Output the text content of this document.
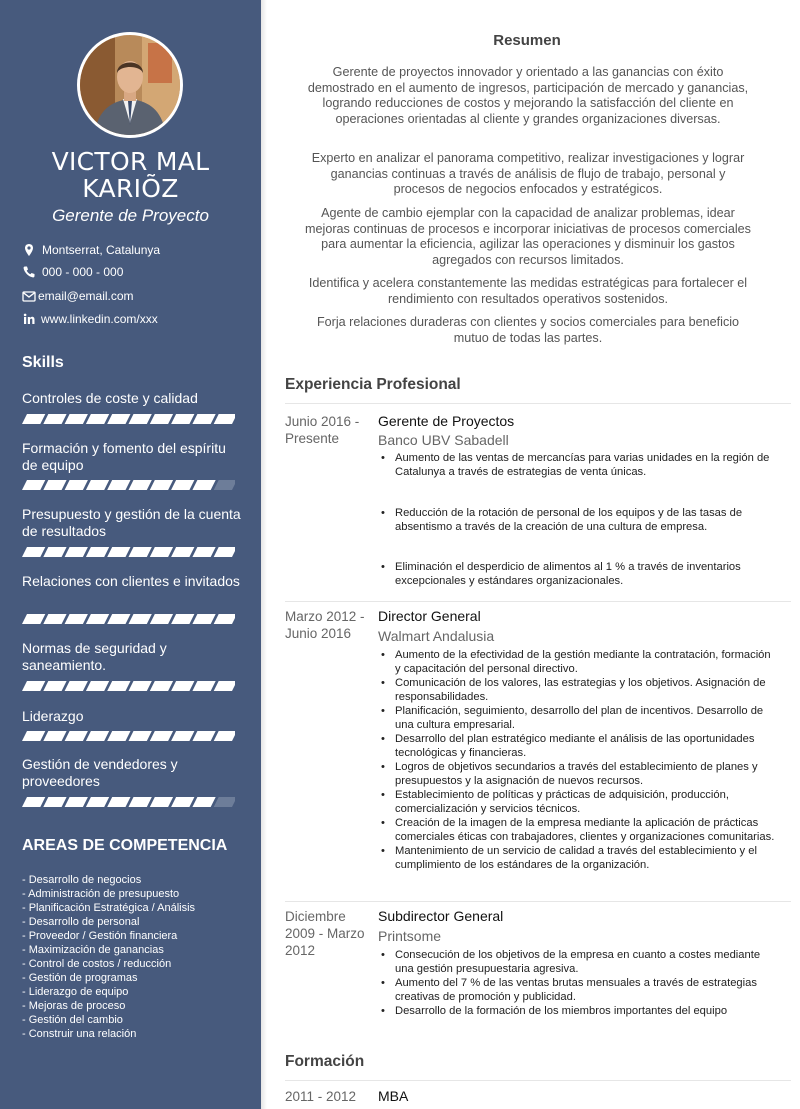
VICTOR MAL
KARIÕZ
Gerente de Proyecto
Montserrat, Catalunya
000 - 000 - 000
email@email.com
www.linkedin.com/xxx
Skills
Controles de coste y calidad
Formación y fomento del espíritu de equipo
Presupuesto y gestión de la cuenta de resultados
Relaciones con clientes e invitados
Normas de seguridad y saneamiento.
Liderazgo
Gestión de vendedores y proveedores
AREAS DE COMPETENCIA
- Desarrollo de negocios
- Administración de presupuesto
- Planificación Estratégica / Análisis
- Desarrollo de personal
- Proveedor / Gestión financiera
- Maximización de ganancias
- Control de costos / reducción
- Gestión de programas
- Liderazgo de equipo
- Mejoras de proceso
- Gestión del cambio
- Construir una relación
Resumen

Gerente de proyectos innovador y orientado a las ganancias con éxito demostrado en el aumento de ingresos, participación de mercado y ganancias, logrando reducciones de costos y mejorando la satisfacción del cliente en operaciones orientadas al cliente y grandes organizaciones diversas.

Experto en analizar el panorama competitivo, realizar investigaciones y lograr ganancias continuas a través de análisis de flujo de trabajo, personal y procesos de negocios enfocados y estratégicos.

Agente de cambio ejemplar con la capacidad de analizar problemas, idear mejoras continuas de procesos e incorporar iniciativas de procesos comerciales para aumentar la eficiencia, agilizar las operaciones y disminuir los gastos agregados con recursos limitados.

Identifica y acelera constantemente las medidas estratégicas para fortalecer el rendimiento con resultados operativos sostenidos.

Forja relaciones duraderas con clientes y socios comerciales para beneficio mutuo de todas las partes.

Experiencia Profesional
Junio 2016 - Presente
Gerente de Proyectos
Banco UBV Sabadell
• Aumento de las ventas de mercancías para varias unidades en la región de Catalunya a través de estrategias de venta únicas.
• Reducción de la rotación de personal de los equipos y de las tasas de absentismo a través de la creación de una cultura de empresa.
• Eliminación el desperdicio de alimentos al 1 % a través de inventarios excepcionales y estándares organizacionales.
Marzo 2012 - Junio 2016
Director General
Walmart Andalusia
• Aumento de la efectividad de la gestión mediante la contratación, formación y capacitación del personal directivo.
• Comunicación de los valores, las estrategias y los objetivos. Asignación de responsabilidades.
• Planificación, seguimiento, desarrollo del plan de incentivos. Desarrollo de una cultura empresarial.
• Desarrollo del plan estratégico mediante el análisis de las oportunidades tecnológicas y financieras.
• Logros de objetivos secundarios a través del establecimiento de planes y presupuestos y la asignación de nuevos recursos.
• Establecimiento de políticas y prácticas de adquisición, producción, comercialización y servicios técnicos.
• Creación de la imagen de la empresa mediante la aplicación de prácticas comerciales éticas con trabajadores, clientes y organizaciones comunitarias.
• Mantenimiento de un servicio de calidad a través del establecimiento y el cumplimiento de los estándares de la organización.
Diciembre 2009 - Marzo 2012
Subdirector General
Printsome
• Consecución de los objetivos de la empresa en cuanto a costes mediante una gestión presupuestaria agresiva.
• Aumento del 7 % de las ventas brutas mensuales a través de estrategias creativas de promoción y publicidad.
• Desarrollo de la formación de los miembros importantes del equipo
Formación
2011 - 2012	MBA
